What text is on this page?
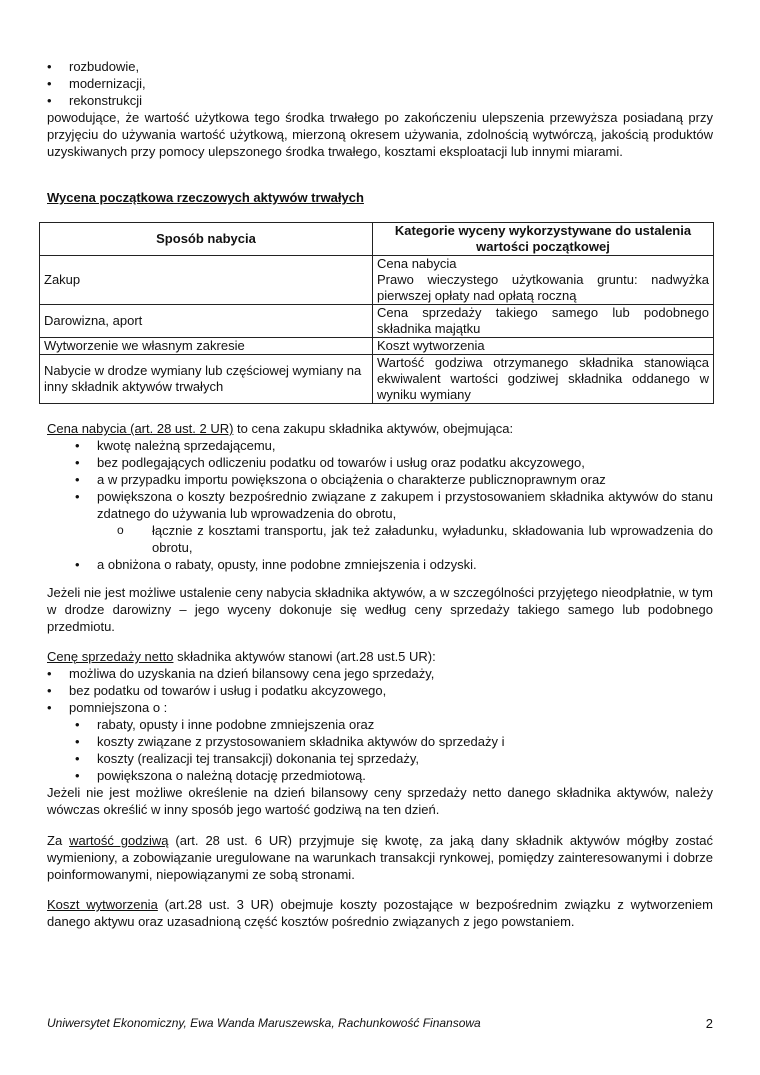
• rozbudowie,
• modernizacji,
• rekonstrukcji
powodujące, że wartość użytkowa tego środka trwałego po zakończeniu ulepszenia przewyższa posiadaną przy przyjęciu do używania wartość użytkową, mierzoną okresem używania, zdolnością wytwórczą, jakością produktów uzyskiwanych przy pomocy ulepszonego środka trwałego, kosztami eksploatacji lub innymi miarami.
Wycena początkowa rzeczowych aktywów trwałych
Sposób nabycia	Kategorie wyceny wykorzystywane do ustalenia wartości początkowej
Zakup	Cena nabycia
Prawo wieczystego użytkowania gruntu: nadwyżka pierwszej opłaty nad opłatą roczną

Darowizna, aport	Cena sprzedaży takiego samego lub podobnego składnika majątku
Wytworzenie we własnym zakresie	Koszt wytworzenia
Nabycie w drodze wymiany lub częściowej wymiany na inny składnik aktywów trwałych	Wartość godziwa otrzymanego składnika stanowiąca ekwiwalent wartości godziwej składnika oddanego w wyniku wymiany
Cena nabycia (art. 28 ust. 2 UR) to cena zakupu składnika aktywów, obejmująca:
• kwotę należną sprzedającemu,
• bez podlegających odliczeniu podatku od towarów i usług oraz podatku akcyzowego,
• a w przypadku importu powiększona o obciążenia o charakterze publicznoprawnym oraz
• powiększona o koszty bezpośrednio związane z zakupem i przystosowaniem składnika aktywów do stanu zdatnego do używania lub wprowadzenia do obrotu,
o łącznie z kosztami transportu, jak też załadunku, wyładunku, składowania lub wprowadzenia do obrotu,
• a obniżona o rabaty, opusty, inne podobne zmniejszenia i odzyski.
Jeżeli nie jest możliwe ustalenie ceny nabycia składnika aktywów, a w szczególności przyjętego nieodpłatnie, w tym w drodze darowizny – jego wyceny dokonuje się według ceny sprzedaży takiego samego lub podobnego przedmiotu.
Cenę sprzedaży netto składnika aktywów stanowi (art.28 ust.5 UR):
• możliwa do uzyskania na dzień bilansowy cena jego sprzedaży,
• bez podatku od towarów i usług i podatku akcyzowego,
• pomniejszona o :
• rabaty, opusty i inne podobne zmniejszenia oraz
• koszty związane z przystosowaniem składnika aktywów do sprzedaży i
• koszty (realizacji tej transakcji) dokonania tej sprzedaży,
• powiększona o należną dotację przedmiotową.
Jeżeli nie jest możliwe określenie na dzień bilansowy ceny sprzedaży netto danego składnika aktywów, należy wówczas określić w inny sposób jego wartość godziwą na ten dzień.
Za wartość godziwą (art. 28 ust. 6 UR) przyjmuje się kwotę, za jaką dany składnik aktywów mógłby zostać wymieniony, a zobowiązanie uregulowane na warunkach transakcji rynkowej, pomiędzy zainteresowanymi i dobrze poinformowanymi, niepowiązanymi ze sobą stronami.
Koszt wytworzenia (art.28 ust. 3 UR) obejmuje koszty pozostające w bezpośrednim związku z wytworzeniem danego aktywu oraz uzasadnioną część kosztów pośrednio związanych z jego powstaniem.
Uniwersytet Ekonomiczny, Ewa Wanda Maruszewska, Rachunkowość Finansowa	2
